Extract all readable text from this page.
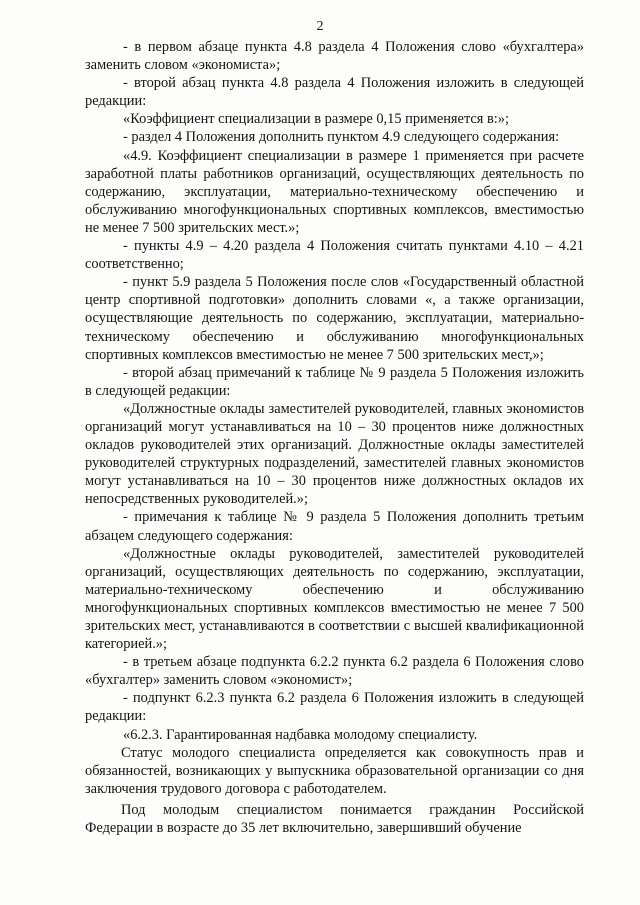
2

- в первом абзаце пункта 4.8 раздела 4 Положения слово «бухгалтера» заменить словом «экономиста»;

- второй абзац пункта 4.8 раздела 4 Положения изложить в следующей редакции:

«Коэффициент специализации в размере 0,15 применяется в:»;

- раздел 4 Положения дополнить пунктом 4.9 следующего содержания:

«4.9. Коэффициент специализации в размере 1 применяется при расчете заработной платы работников организаций, осуществляющих деятельность по содержанию, эксплуатации, материально-техническому обеспечению и обслуживанию многофункциональных спортивных комплексов, вместимостью не менее 7 500 зрительских мест.»;

- пункты 4.9 – 4.20 раздела 4 Положения считать пунктами 4.10 – 4.21 соответственно;

- пункт 5.9 раздела 5 Положения после слов «Государственный областной центр спортивной подготовки» дополнить словами «, а также организации, осуществляющие деятельность по содержанию, эксплуатации, материально-техническому обеспечению и обслуживанию многофункциональных спортивных комплексов вместимостью не менее 7 500 зрительских мест,»;

- второй абзац примечаний к таблице № 9 раздела 5 Положения изложить в следующей редакции:

«Должностные оклады заместителей руководителей, главных экономистов организаций могут устанавливаться на 10 – 30 процентов ниже должностных окладов руководителей этих организаций. Должностные оклады заместителей руководителей структурных подразделений, заместителей главных экономистов могут устанавливаться на 10 – 30 процентов ниже должностных окладов их непосредственных руководителей.»;

- примечания к таблице № 9 раздела 5 Положения дополнить третьим абзацем следующего содержания:

«Должностные оклады руководителей, заместителей руководителей организаций, осуществляющих деятельность по содержанию, эксплуатации, материально-техническому обеспечению и обслуживанию многофункциональных спортивных комплексов вместимостью не менее 7 500 зрительских мест, устанавливаются в соответствии с высшей квалификационной категорией.»;

- в третьем абзаце подпункта 6.2.2 пункта 6.2 раздела 6 Положения слово «бухгалтер» заменить словом «экономист»;

- подпункт 6.2.3 пункта 6.2 раздела 6 Положения изложить в следующей редакции:

«6.2.3. Гарантированная надбавка молодому специалисту.

Статус молодого специалиста определяется как совокупность прав и обязанностей, возникающих у выпускника образовательной организации со дня заключения трудового договора с работодателем.

Под молодым специалистом понимается гражданин Российской Федерации в возрасте до 35 лет включительно, завершивший обучение
